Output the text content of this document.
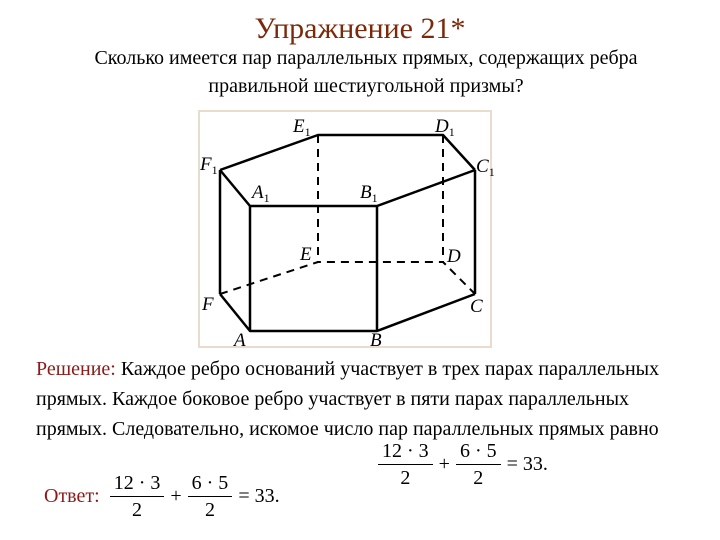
Упражнение 21*
Сколько имеется пар параллельных прямых, содержащих ребра
правильной шестиугольной призмы?
$E_1$	$D_1$
$F_1$	$C_1$
$A_1$	$B_1$
E	D
F	C
A	B
Решение: Каждое ребро оснований участвует в трех парах параллельных прямых. Каждое боковое ребро участвует в пяти парах параллельных прямых. Следовательно, искомое число пар параллельных прямых равно
$\frac{12 \cdot 3}{2} + \frac{6 \cdot 5}{2} = 33$.
Ответ: $\frac{12 \cdot 3}{2} + \frac{6 \cdot 5}{2} = 33$.
